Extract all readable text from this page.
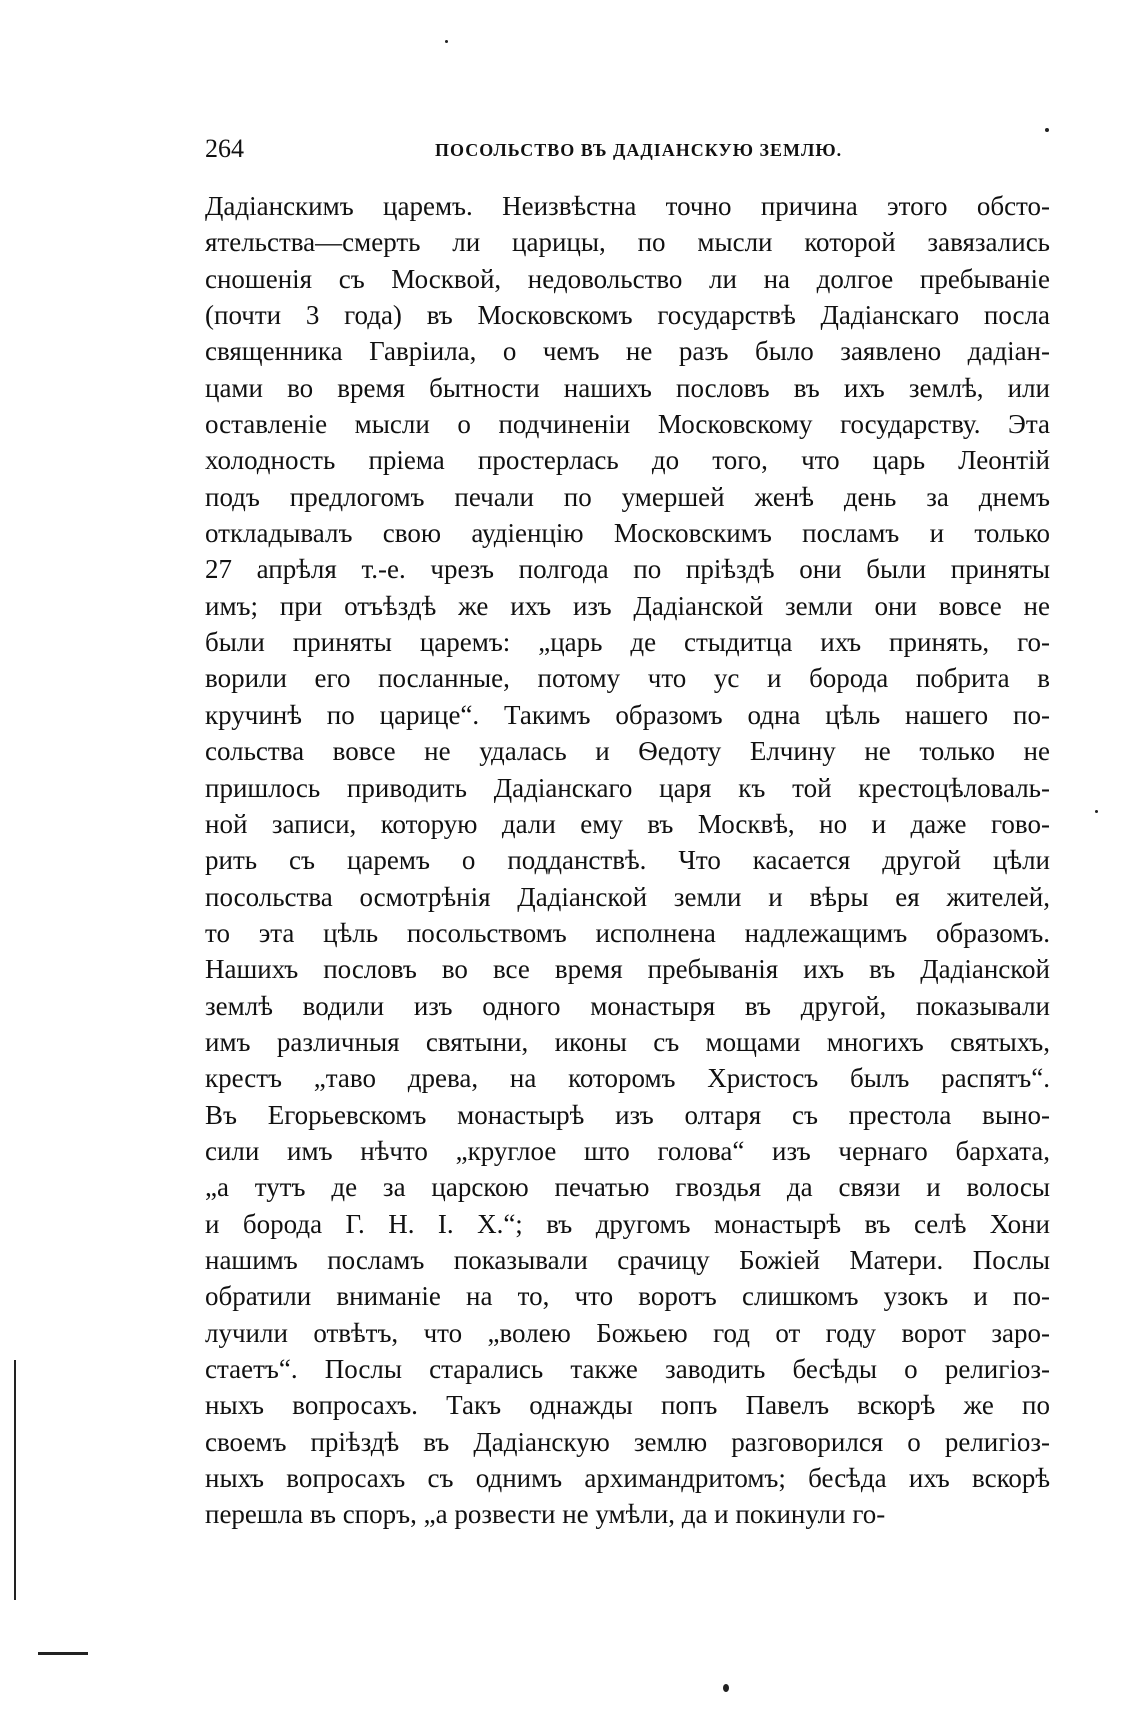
264	ПОСОЛЬСТВО ВЪ ДАДІАНСКУЮ ЗЕМЛЮ.
Дадіанскимъ царемъ. Неизвѣстна точно причина этого обсто-
ятельства—смерть ли царицы, по мысли которой завязались
сношенія съ Москвой, недовольство ли на долгое пребываніе
(почти 3 года) въ Московскомъ государствѣ Дадіанскаго посла
священника Гавріила, о чемъ не разъ было заявлено дадіан-
цами во время бытности нашихъ пословъ въ ихъ землѣ, или
оставленіе мысли о подчиненіи Московскому государству. Эта
холодность пріема простерлась до того, что царь Леонтій
подъ предлогомъ печали по умершей женѣ день за днемъ
откладывалъ свою аудіенцію Московскимъ посламъ и только
27 апрѣля т.-е. чрезъ полгода по пріѣздѣ они были приняты
имъ; при отъѣздѣ же ихъ изъ Дадіанской земли они вовсе не
были приняты царемъ: „царь де стыдитца ихъ принять, го-
ворили его посланные, потому что ус и борода побрита в
кручинѣ по царице“. Такимъ образомъ одна цѣль нашего по-
сольства вовсе не удалась и Ѳедоту Елчину не только не
пришлось приводить Дадіанскаго царя къ той крестоцѣловаль-
ной записи, которую дали ему въ Москвѣ, но и даже гово-
рить съ царемъ о подданствѣ. Что касается другой цѣли
посольства осмотрѣнія Дадіанской земли и вѣры ея жителей,
то эта цѣль посольствомъ исполнена надлежащимъ образомъ.
Нашихъ пословъ во все время пребыванія ихъ въ Дадіанской
землѣ водили изъ одного монастыря въ другой, показывали
имъ различныя святыни, иконы съ мощами многихъ святыхъ,
крестъ „таво древа, на которомъ Христосъ былъ распятъ“.
Въ Егорьевскомъ монастырѣ изъ олтаря съ престола выно-
сили имъ нѣчто „круглое што голова“ изъ чернаго бархата,
„а тутъ де за царскою печатью гвоздья да связи и волосы
и борода Г. Н. І. Х.“; въ другомъ монастырѣ въ селѣ Хони
нашимъ посламъ показывали срачицу Божіей Матери. Послы
обратили вниманіе на то, что воротъ слишкомъ узокъ и по-
лучили отвѣтъ, что „волею Божьею год от году ворот заро-
стаетъ“. Послы старались также заводить бесѣды о религіоз-
ныхъ вопросахъ. Такъ однажды попъ Павелъ вскорѣ же по
своемъ пріѣздѣ въ Дадіанскую землю разговорился о религіоз-
ныхъ вопросахъ съ однимъ архимандритомъ; бесѣда ихъ вскорѣ
перешла въ споръ, „а розвести не умѣли, да и покинули го-
